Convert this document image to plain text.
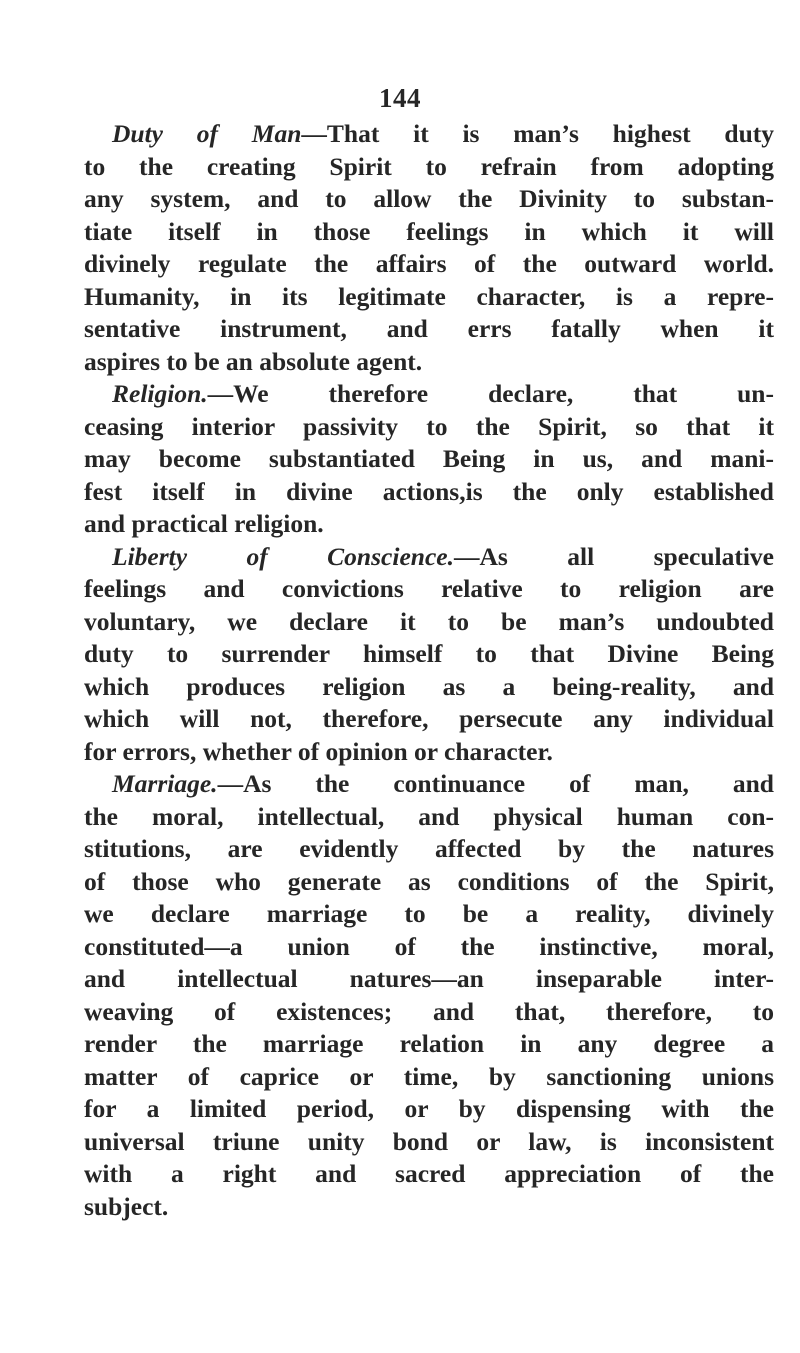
144
Duty of Man—That it is man’s highest duty
to the creating Spirit to refrain from adopting
any system, and to allow the Divinity to substan-
tiate itself in those feelings in which it will
divinely regulate the affairs of the outward world.
Humanity, in its legitimate character, is a repre-
sentative instrument, and errs fatally when it
aspires to be an absolute agent.
Religion.—We therefore declare, that un-
ceasing interior passivity to the Spirit, so that it
may become substantiated Being in us, and mani-
fest itself in divine actions,is the only established
and practical religion.
Liberty of Conscience.—As all speculative
feelings and convictions relative to religion are
voluntary, we declare it to be man’s undoubted
duty to surrender himself to that Divine Being
which produces religion as a being-reality, and
which will not, therefore, persecute any individual
for errors, whether of opinion or character.
Marriage.—As the continuance of man, and
the moral, intellectual, and physical human con-
stitutions, are evidently affected by the natures
of those who generate as conditions of the Spirit,
we declare marriage to be a reality, divinely
constituted—a union of the instinctive, moral,
and intellectual natures—an inseparable inter-
weaving of existences; and that, therefore, to
render the marriage relation in any degree a
matter of caprice or time, by sanctioning unions
for a limited period, or by dispensing with the
universal triune unity bond or law, is inconsistent
with a right and sacred appreciation of the
subject.
